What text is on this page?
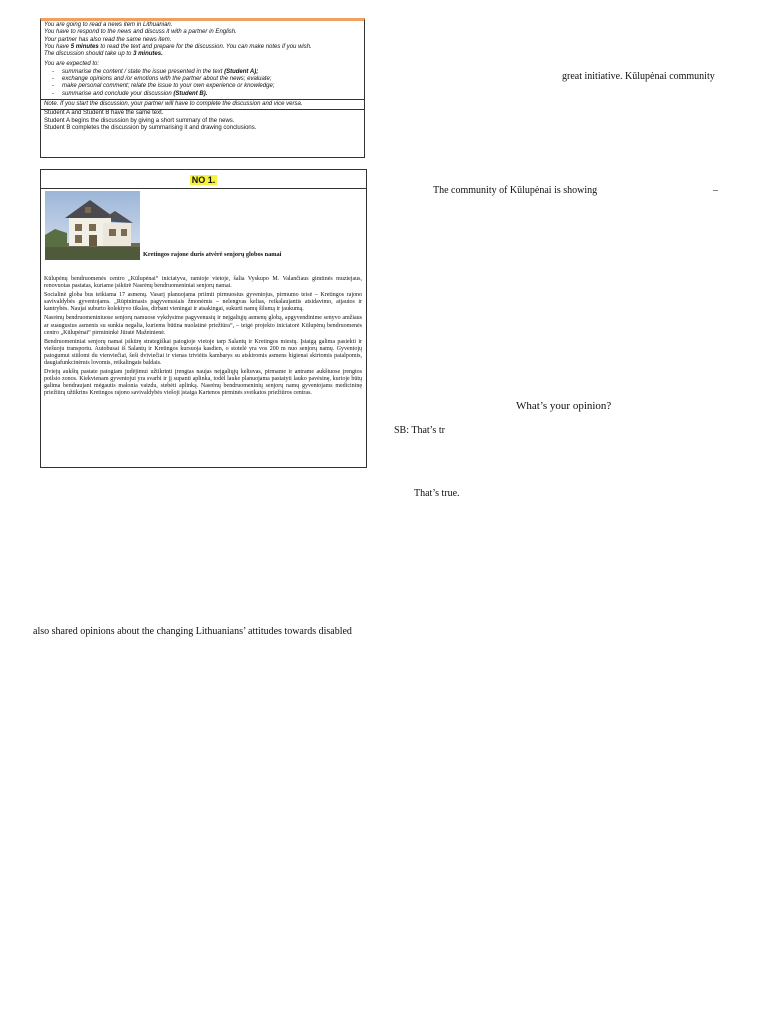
You are going to read a news item in Lithuanian.
You have to respond to the news and discuss it with a partner in English.
Your partner has also read the same news item.
You have 5 minutes to read the text and prepare for the discussion. You can make notes if you wish.
The discussion should take up to 3 minutes.
You are expected to:
- summarise the content / state the issue presented in the text (Student A);
- exchange opinions and /or emotions with the partner about the news; evaluate;
- make personal comment; relate the issue to your own experience or knowledge;
- summarise and conclude your discussion (Student B).
Note. If you start the discussion, your partner will have to complete the discussion and vice versa.
Student A and Student B have the same text.
Student A begins the discussion by giving a short summary of the news.
Student B completes the discussion by summarising it and drawing conclusions.
NO 1.
Kretingos rajone duris atvėrė senjorų globos namai

Kūlupėnų bendruomenės centro „Kūlupėnai“ iniciatyva, ramioje vietoje, šalia Vyskupo M. Valančiaus gimtinės muziejaus, renovuotas pastatas, kuriame įsikūrė Nasrėnų bendruomeniniai senjorų namai.

Socialinė globa bus teikiama 17 asmenų. Vasarį planuojama priimti pirmuosius gyventojus, pirmumo teisė – Kretingos rajono savivaldybės gyventojams. „Rūpinimasis pagyvenusiais žmonėmis – nelengvas kelias, reikalaujantis atsidavimo, atjautos ir kantrybės. Naujai suburto kolektyvo tikslas, dirbant vieningai ir atsakingai, sukurti namų šilumą ir jaukumą.

Nasrėnų bendruomeniniuose senjorų namuose vykdysime pagyvenusių ir neįgaliųjų asmenų globą, apgyvendinime senyvo amžiaus ar suaugusius asmenis su sunkia negalia, kuriems būtina nuolatinė priežiūra“, – teigė projekto iniciatorė Kūlupėnų bendruomenės centro „Kūlupėnai“ pirmininkė Jūratė Mažeinienė.

Bendruomeniniai senjorų namai įsikūrę strategiškai patogioje vietoje tarp Salantų ir Kretingos miestų. Įstaigą galima pasiekti ir viešuoju transportu. Autobusai iš Salantų ir Kretingos kursuoja kasdien, o stotelė yra vos 200 m nuo senjorų namų. Gyventojų patogumui siūlomi du vienviečiai, šeši dviviečiai ir vienas triviėtis kambarys su atskiromis asmens higienai skirtomis patalpomis, daugiafunkcinėmis lovomis, reikalingais baldais.

Dviejų aukštų pastate patogiam judėjimui užtikrinti įrengtas naujas neįgaliųjų keltuvas, pirmame ir antrame aukštuose įrengtos poilsio zonos. Kiekvienam gyventojui yra svarbi ir jį supanti aplinka, todėl lauke planuojama pastatyti lauko pavėsinę, kurioje būtų galima bendraujant mėgautis malonia vaizdu, stebėti aplinką. Nasrėnų bendruomeninių senjorų namų gyventojams medicininę priežiūrą užtikrins Kretingos rajono savivaldybės viešoji įstaiga Kartenos pirminės sveikatos priežiūros centras.

great initiative. Kūlupėnai community
The community of Kūlupėnai is showing	–
What’s your opinion?
SB: That’s tr
That’s true.
also shared opinions about the changing Lithuanians’ attitudes towards disabled
